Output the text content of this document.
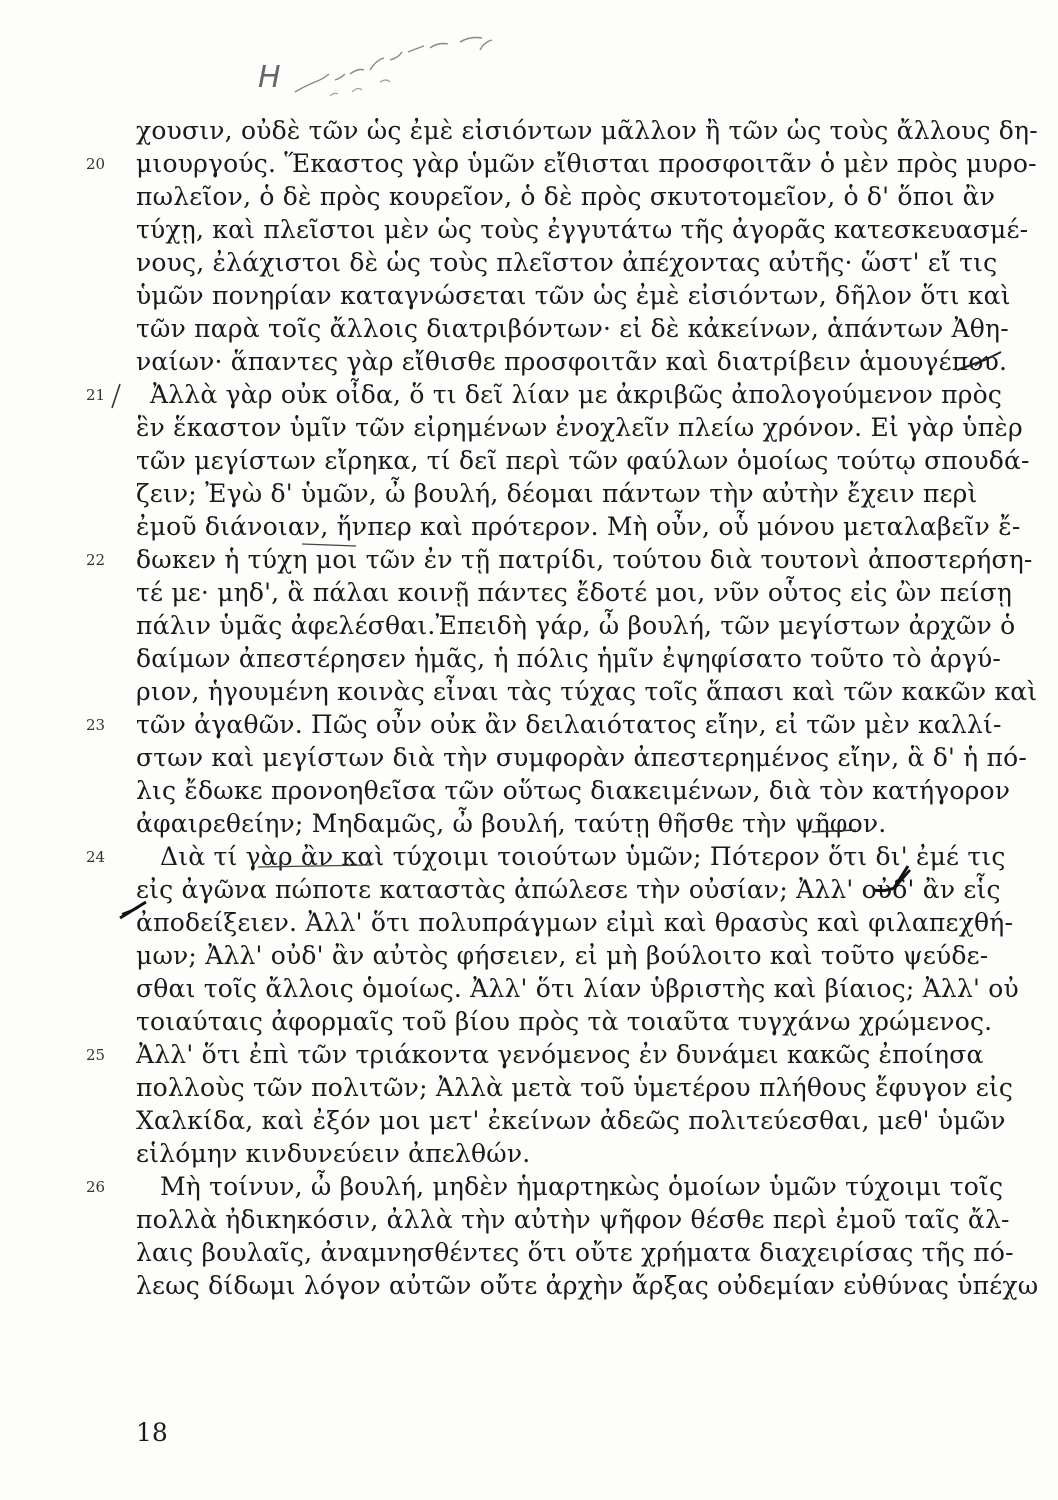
Η
χουσιν, οὐδὲ τῶν ὡς ἐμὲ εἰσιόντων μᾶλλον ἢ τῶν ὡς τοὺς ἄλλους δη-
μιουργούς. Ἕκαστος γὰρ ὑμῶν εἴθισται προσφοιτᾶν ὁ μὲν πρὸς μυρο-
πωλεῖον, ὁ δὲ πρὸς κουρεῖον, ὁ δὲ πρὸς σκυτοτομεῖον, ὁ δ' ὅποι ἂν
τύχῃ, καὶ πλεῖστοι μὲν ὡς τοὺς ἐγγυτάτω τῆς ἀγορᾶς κατεσκευασμέ-
νους, ἐλάχιστοι δὲ ὡς τοὺς πλεῖστον ἀπέχοντας αὐτῆς· ὥστ' εἴ τις
ὑμῶν πονηρίαν καταγνώσεται τῶν ὡς ἐμὲ εἰσιόντων, δῆλον ὅτι καὶ
τῶν παρὰ τοῖς ἄλλοις διατριβόντων· εἰ δὲ κἀκείνων, ἁπάντων Ἀθη-
ναίων· ἅπαντες γὰρ εἴθισθε προσφοιτᾶν καὶ διατρίβειν ἁμουγέπου.
Ἀλλὰ γὰρ οὐκ οἶδα, ὅ τι δεῖ λίαν με ἀκριβῶς ἀπολογούμενον πρὸς
ἓν ἕκαστον ὑμῖν τῶν εἰρημένων ἐνοχλεῖν πλείω χρόνον. Εἰ γὰρ ὑπὲρ
τῶν μεγίστων εἴρηκα, τί δεῖ περὶ τῶν φαύλων ὁμοίως τούτῳ σπουδά-
ζειν; Ἐγὼ δ' ὑμῶν, ὦ βουλή, δέομαι πάντων τὴν αὐτὴν ἔχειν περὶ
ἐμοῦ διάνοιαν, ἥνπερ καὶ πρότερον. Μὴ οὖν, οὗ μόνου μεταλαβεῖν ἔ-
δωκεν ἡ τύχη μοι τῶν ἐν τῇ πατρίδι, τούτου διὰ τουτονὶ ἀποστερήση-
τέ με· μηδ', ἃ πάλαι κοινῇ πάντες ἔδοτέ μοι, νῦν οὗτος εἰς ὢν πείσῃ
πάλιν ὑμᾶς ἀφελέσθαι.Ἐπειδὴ γάρ, ὦ βουλή, τῶν μεγίστων ἀρχῶν ὁ
δαίμων ἀπεστέρησεν ἡμᾶς, ἡ πόλις ἡμῖν ἐψηφίσατο τοῦτο τὸ ἀργύ-
ριον, ἡγουμένη κοινὰς εἶναι τὰς τύχας τοῖς ἅπασι καὶ τῶν κακῶν καὶ
τῶν ἀγαθῶν. Πῶς οὖν οὐκ ἂν δειλαιότατος εἴην, εἰ τῶν μὲν καλλί-
στων καὶ μεγίστων διὰ τὴν συμφορὰν ἀπεστερημένος εἴην, ἃ δ' ἡ πό-
λις ἔδωκε προνοηθεῖσα τῶν οὕτως διακειμένων, διὰ τὸν κατήγορον
ἀφαιρεθείην; Μηδαμῶς, ὦ βουλή, ταύτῃ θῆσθε τὴν ψῆφον.
Διὰ τί γὰρ ἂν καὶ τύχοιμι τοιούτων ὑμῶν; Πότερον ὅτι δι' ἐμέ τις
εἰς ἀγῶνα πώποτε καταστὰς ἀπώλεσε τὴν οὐσίαν; Ἀλλ' οὐδ' ἂν εἷς
ἀποδείξειεν. Ἀλλ' ὅτι πολυπράγμων εἰμὶ καὶ θρασὺς καὶ φιλαπεχθή-
μων; Ἀλλ' οὐδ' ἂν αὐτὸς φήσειεν, εἰ μὴ βούλοιτο καὶ τοῦτο ψεύδε-
σθαι τοῖς ἄλλοις ὁμοίως. Ἀλλ' ὅτι λίαν ὑβριστὴς καὶ βίαιος; Ἀλλ' οὐ
τοιαύταις ἀφορμαῖς τοῦ βίου πρὸς τὰ τοιαῦτα τυγχάνω χρώμενος.
Ἀλλ' ὅτι ἐπὶ τῶν τριάκοντα γενόμενος ἐν δυνάμει κακῶς ἐποίησα
πολλοὺς τῶν πολιτῶν; Ἀλλὰ μετὰ τοῦ ὑμετέρου πλήθους ἔφυγον εἰς
Χαλκίδα, καὶ ἐξόν μοι μετ' ἐκείνων ἀδεῶς πολιτεύεσθαι, μεθ' ὑμῶν
εἱλόμην κινδυνεύειν ἀπελθών.
Μὴ τοίνυν, ὦ βουλή, μηδὲν ἡμαρτηκὼς ὁμοίων ὑμῶν τύχοιμι τοῖς
πολλὰ ἠδικηκόσιν, ἀλλὰ τὴν αὐτὴν ψῆφον θέσθε περὶ ἐμοῦ ταῖς ἄλ-
λαις βουλαῖς, ἀναμνησθέντες ὅτι οὔτε χρήματα διαχειρίσας τῆς πό-
λεως δίδωμι λόγον αὐτῶν οὔτε ἀρχὴν ἄρξας οὐδεμίαν εὐθύνας ὑπέχω
20
21
22
23
24
25
26
18
